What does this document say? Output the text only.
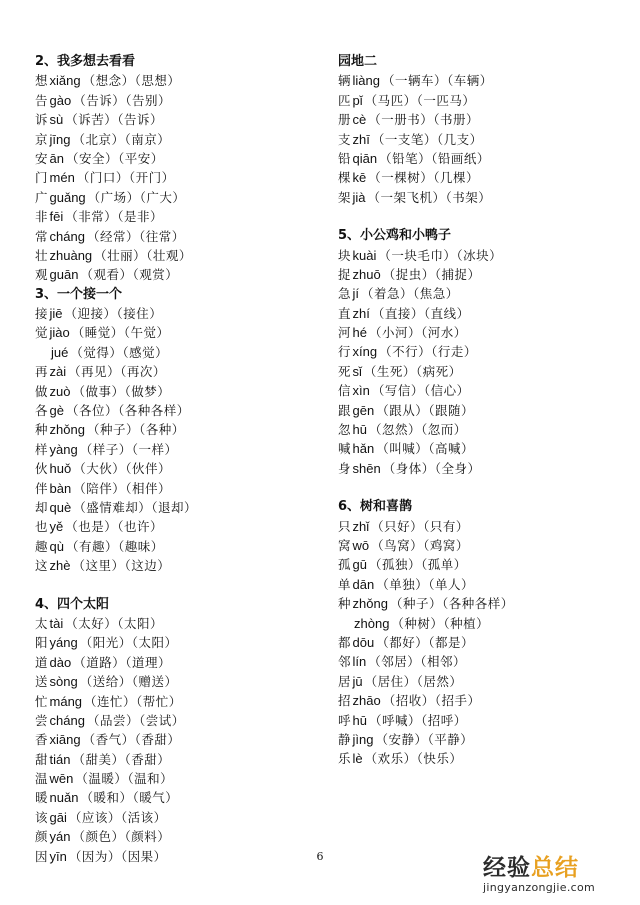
2、我多想去看看
想 xiǎng （想念）（思想）
告 gào （告诉）（告别）
诉 sù （诉苦）（告诉）
京 jīng （北京）（南京）
安 ān （安全）（平安）
门 mén （门口）（开门）
广 guǎng （广场）（广大）
非 fēi （非常）（是非）
常 cháng （经常）（往常）
壮 zhuàng （壮丽）（壮观）
观 guān （观看）（观赏）
3、一个接一个
接 jiē （迎接）（接住）
觉 jiào （睡觉）（午觉）
jué （觉得）（感觉）
再 zài （再见）（再次）
做 zuò （做事）（做梦）
各 gè （各位）（各种各样）
种 zhǒng （种子）（各种）
样 yàng （样子）（一样）
伙 huǒ （大伙）（伙伴）
伴 bàn （陪伴）（相伴）
却 què （盛情难却）（退却）
也 yě （也是）（也许）
趣 qù （有趣）（趣味）
这 zhè （这里）（这边）
4、四个太阳
太 tài （太好）（太阳）
阳 yáng （阳光）（太阳）
道 dào （道路）（道理）
送 sòng （送给）（赠送）
忙 máng （连忙）（帮忙）
尝 cháng （品尝）（尝试）
香 xiāng （香气）（香甜）
甜 tián （甜美）（香甜）
温 wēn （温暖）（温和）
暖 nuǎn （暖和）（暖气）
该 gāi （应该）（活该）
颜 yán （颜色）（颜料）
因 yīn （因为）（因果）
园地二
辆 liàng （一辆车）（车辆）
匹 pǐ （马匹）（一匹马）
册 cè （一册书）（书册）
支 zhī （一支笔）（几支）
铅 qiān （铅笔）（铅画纸）
棵 kē （一棵树）（几棵）
架 jià （一架飞机）（书架）
5、小公鸡和小鸭子
块 kuài （一块毛巾）（冰块）
捉 zhuō （捉虫）（捕捉）
急 jí （着急）（焦急）
直 zhí （直接）（直线）
河 hé （小河）（河水）
行 xíng （不行）（行走）
死 sǐ （生死）（病死）
信 xìn （写信）（信心）
跟 gēn （跟从）（跟随）
忽 hū （忽然）（忽而）
喊 hǎn （叫喊）（高喊）
身 shēn （身体）（全身）
6、树和喜鹊
只 zhǐ （只好）（只有）
窝 wō （鸟窝）（鸡窝）
孤 gū （孤独）（孤单）
单 dān （单独）（单人）
种 zhǒng （种子）（各种各样）
zhòng （种树）（种植）
都 dōu （都好）（都是）
邻 lín （邻居）（相邻）
居 jū （居住）（居然）
招 zhāo （招收）（招手）
呼 hū （呼喊）（招呼）
静 jìng （安静）（平静）
乐 lè （欢乐）（快乐）
6	经验总结
jingyanzongjie.com
